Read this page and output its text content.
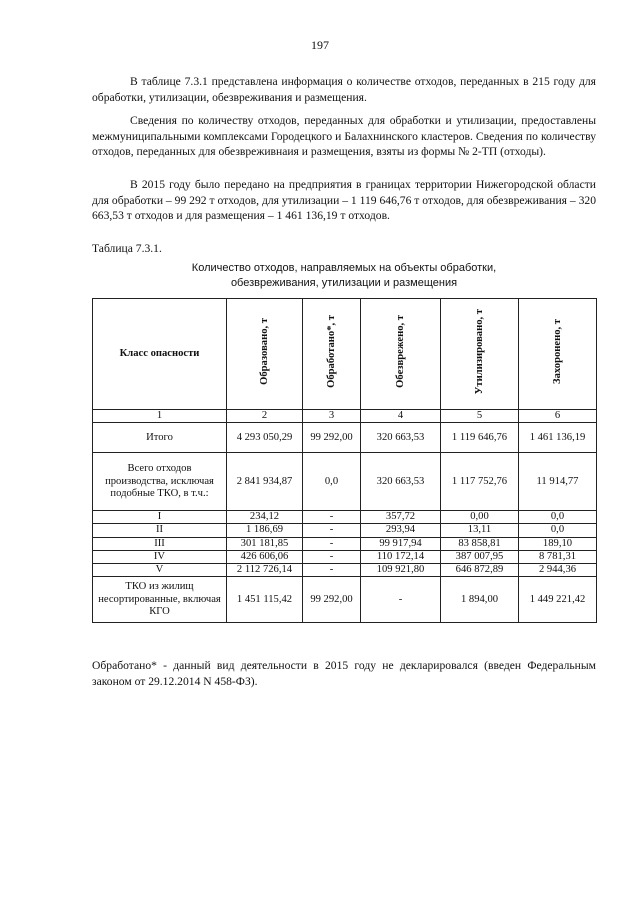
197

В таблице 7.3.1 представлена информация о количестве отходов, переданных в 215 году для обработки, утилизации, обезвреживания и размещения.

Сведения по количеству отходов, переданных для обработки и утилизации, предоставлены межмуниципальными комплексами Городецкого и Балахнинского кластеров. Сведения по количеству отходов, переданных для обезвреживнаия и размещения, взяты из формы № 2-ТП (отходы).

В 2015 году было передано на предприятия в границах территории Нижегородской области для обработки – 99 292 т отходов, для утилизации – 1 119 646,76 т отходов, для обезвреживания – 320 663,53 т отходов и для размещения – 1 461 136,19 т отходов.

Таблица 7.3.1.
Количество отходов, направляемых на объекты обработки,
обезвреживания, утилизации и размещения
Класс опасности	Образовано, т	Обработано*, т	Обезврежено, т	Утилизировано, т	Захоронено, т
1	2	3	4	5	6
Итого	4 293 050,29	99 292,00	320 663,53	1 119 646,76	1 461 136,19
Всего отходов производства, исключая подобные ТКО, в т.ч.:	2 841 934,87	0,0	320 663,53	1 117 752,76	11 914,77
I	234,12	-	357,72	0,00	0,0
II	1 186,69	-	293,94	13,11	0,0
III	301 181,85	-	99 917,94	83 858,81	189,10
IV	426 606,06	-	110 172,14	387 007,95	8 781,31
V	2 112 726,14	-	109 921,80	646 872,89	2 944,36
ТКО из жилищ несортированные, включая КГО	1 451 115,42	99 292,00	-	1 894,00	1 449 221,42

Обработано* - данный вид деятельности в 2015 году не декларировался (введен Федеральным законом от 29.12.2014 N 458-ФЗ).
